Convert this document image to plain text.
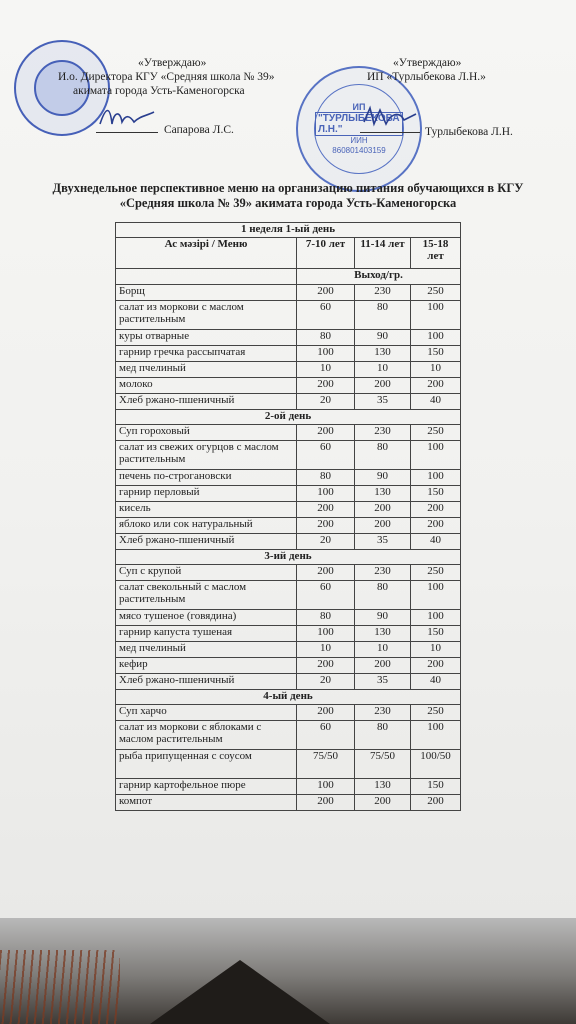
«Утверждаю»
И.о. Директора КГУ «Средняя школа № 39»
акимата города Усть-Каменогорска
Сапарова Л.С.
ИП
"ТУРЛЫБЕКОВА Л.Н."
ИИН
860801403159
«Утверждаю»
ИП «Турлыбекова Л.Н.»
Турлыбекова Л.Н.
Двухнедельное перспективное меню на организацию питания обучающихся в КГУ
«Средняя школа № 39» акимата города Усть-Каменогорска
1 неделя 1-ый день			
Ас мәзірі / Меню	7-10 лет	11-14 лет	15-18 лет
	Выход/гр.		
Борщ	200	230	250
салат из моркови с маслом растительным	60	80	100
куры отварные	80	90	100
гарнир гречка рассыпчатая	100	130	150
мед пчелиный	10	10	10
молоко	200	200	200
Хлеб ржано-пшеничный	20	35	40
2-ой день			
Суп гороховый	200	230	250
салат из свежих огурцов с маслом растительным	60	80	100
печень по-строгановски	80	90	100
гарнир перловый	100	130	150
кисель	200	200	200
яблоко или сок натуральный	200	200	200
Хлеб ржано-пшеничный	20	35	40
3-ий день			
Суп с крупой	200	230	250
салат свекольный с маслом растительным	60	80	100
мясо тушеное (говядина)	80	90	100
гарнир капуста тушеная	100	130	150
мед пчелиный	10	10	10
кефир	200	200	200
Хлеб ржано-пшеничный	20	35	40
4-ый день			
Суп харчо	200	230	250
салат из моркови с яблоками с маслом растительным	60	80	100
рыба припущенная с соусом	75/50	75/50	100/50
гарнир картофельное пюре	100	130	150
компот	200	200	200
